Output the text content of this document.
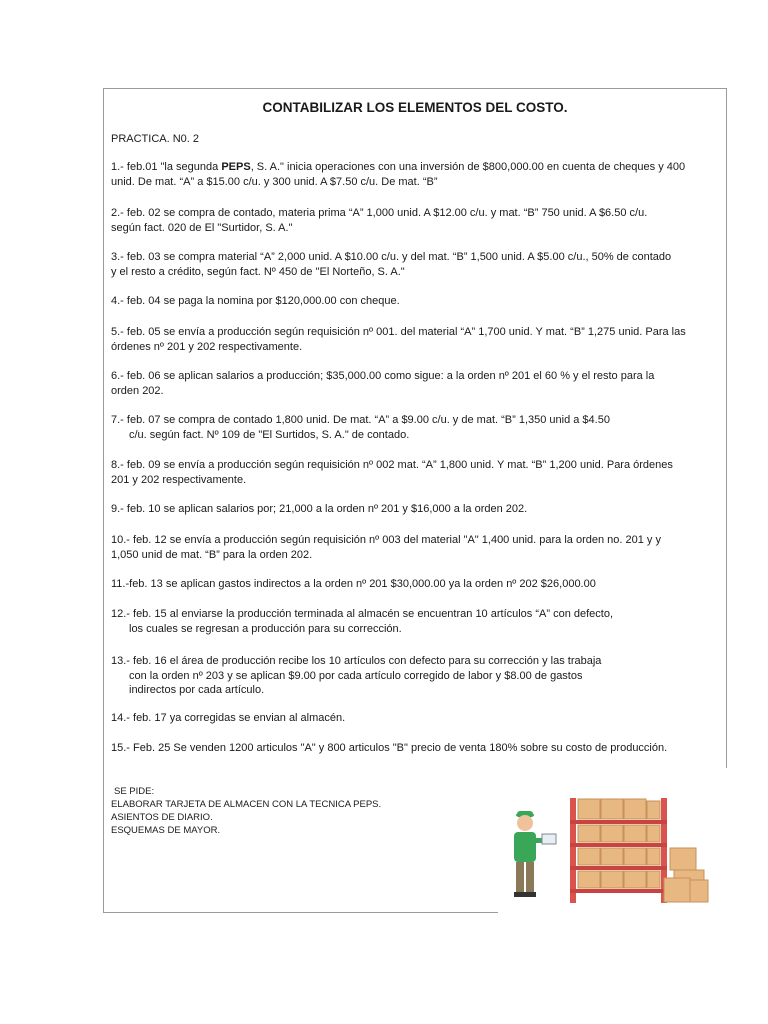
CONTABILIZAR LOS ELEMENTOS DEL COSTO.
PRACTICA. N0. 2
1.- feb.01 "la segunda PEPS, S. A." inicia operaciones con una inversión de $800,000.00 en cuenta de cheques y 400
unid. De mat. “A” a $15.00 c/u. y 300 unid. A $7.50 c/u. De mat. “B”
2.- feb. 02 se compra de contado, materia prima “A” 1,000 unid. A $12.00 c/u. y mat. “B” 750 unid. A $6.50 c/u.
según fact. 020 de El "Surtidor, S. A."
3.- feb. 03 se compra material “A” 2,000 unid. A $10.00 c/u. y del mat. “B” 1,500 unid. A $5.00 c/u., 50% de contado
y el resto a crédito, según fact. Nº 450 de "El Norteño, S. A."
4.- feb. 04 se paga la nomina por $120,000.00 con cheque.
5.- feb. 05 se envía a producción según requisición nº 001. del material “A” 1,700 unid. Y mat. “B” 1,275 unid. Para las
órdenes nº 201 y 202 respectivamente.
6.- feb. 06 se aplican salarios a producción; $35,000.00 como sigue: a la orden nº 201 el 60 % y el resto para la
orden 202.
7.- feb. 07 se compra de contado 1,800 unid. De mat. “A” a $9.00 c/u. y de mat. “B” 1,350 unid a $4.50
c/u. según fact. Nº 109 de "El Surtidos, S. A." de contado.
8.- feb. 09 se envía a producción según requisición nº 002 mat. “A” 1,800 unid. Y mat. “B” 1,200 unid. Para órdenes
201 y 202 respectivamente.
9.- feb. 10 se aplican salarios por; 21,000 a la orden nº 201 y $16,000 a la orden 202.
10.- feb. 12 se envía a producción según requisición nº 003 del material "A" 1,400 unid. para la orden no. 201 y y
1,050 unid de mat. “B” para la orden 202.
11.-feb. 13 se aplican gastos indirectos a la orden nº 201 $30,000.00 ya la orden nº 202 $26,000.00
12.- feb. 15 al enviarse la producción terminada al almacén se encuentran 10 artículos “A” con defecto,
los cuales se regresan a producción para su corrección.
13.- feb. 16 el área de producción recibe los 10 artículos con defecto para su corrección y las trabaja
con la orden nº 203 y se aplican $9.00 por cada artículo corregido de labor y $8.00 de gastos
indirectos por cada artículo.
14.- feb. 17 ya corregidas se envian al almacén.
15.- Feb. 25 Se venden 1200 articulos "A" y 800 articulos "B" precio de venta 180% sobre su costo de producción.
SE PIDE:
ELABORAR TARJETA DE ALMACEN CON LA TECNICA PEPS.
ASIENTOS DE DIARIO.
ESQUEMAS DE MAYOR.
